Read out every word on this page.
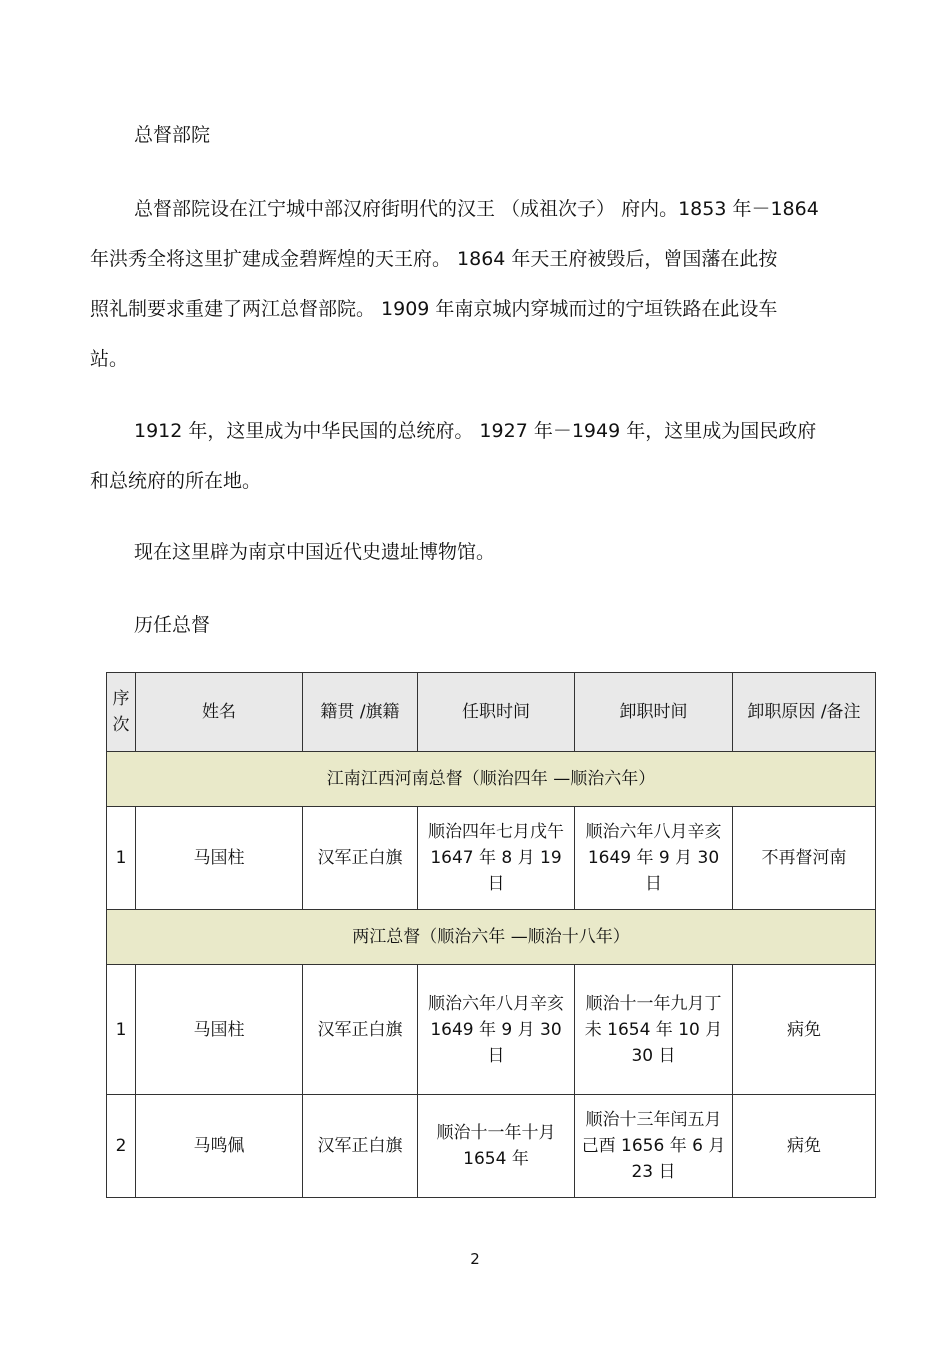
总督部院

总督部院设在江宁城中部汉府街明代的汉王 （成祖次子） 府内。1853 年－1864
年洪秀全将这里扩建成金碧辉煌的天王府。 1864 年天王府被毁后，曾国藩在此按
照礼制要求重建了两江总督部院。 1909 年南京城内穿城而过的宁垣铁路在此设车
站。

1912 年，这里成为中华民国的总统府。 1927 年－1949 年，这里成为国民政府
和总统府的所在地。

现在这里辟为南京中国近代史遗址博物馆。

历任总督

序次	姓名	籍贯 /旗籍	任职时间	卸职时间	卸职原因 /备注
江南江西河南总督（顺治四年 —顺治六年）					
1	马国柱	汉军正白旗	顺治四年七月戊午 1647 年 8 月 19 日	顺治六年八月辛亥 1649 年 9 月 30 日	不再督河南
两江总督（顺治六年 —顺治十八年）					
1	马国柱	汉军正白旗	顺治六年八月辛亥 1649 年 9 月 30 日	顺治十一年九月丁未 1654 年 10 月 30 日	病免
2	马鸣佩	汉军正白旗	顺治十一年十月 1654 年	顺治十三年闰五月己酉 1656 年 6 月 23 日	病免

2
